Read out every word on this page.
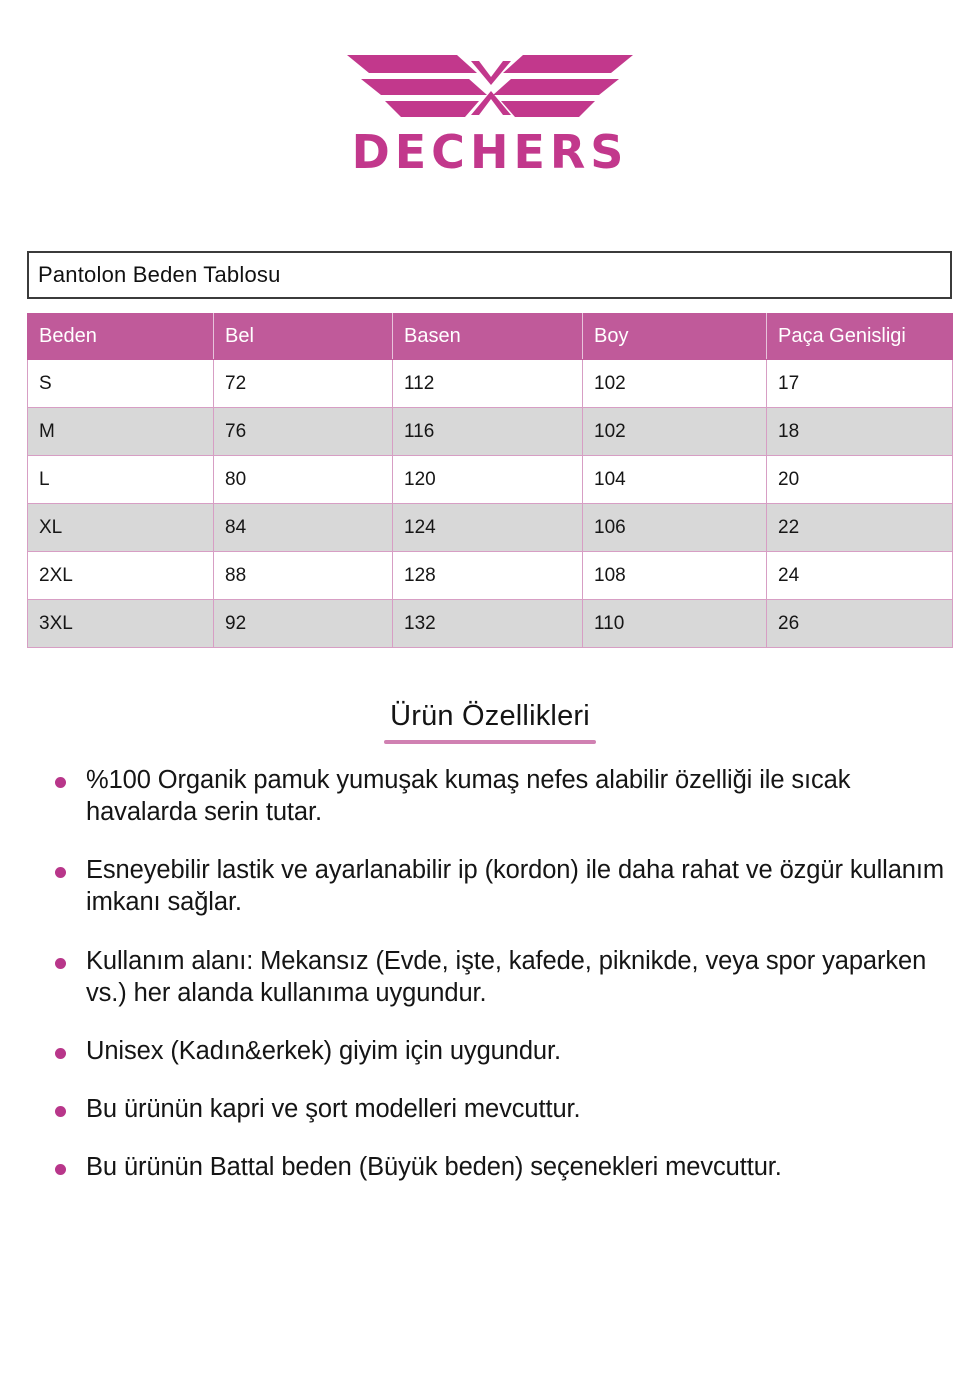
DECHERS
Pantolon Beden Tablosu
Beden	Bel	Basen	Boy	Paça Genisligi
S	72	112	102	17
M	76	116	102	18
L	80	120	104	20
XL	84	124	106	22
2XL	88	128	108	24
3XL	92	132	110	26
Ürün Özellikleri
%100 Organik pamuk yumuşak kumaş nefes alabilir özelliği ile sıcak havalarda serin tutar.
Esneyebilir lastik ve ayarlanabilir ip (kordon) ile daha rahat ve özgür kullanım imkanı sağlar.
Kullanım alanı: Mekansız (Evde, işte, kafede, piknikde, veya spor yaparken vs.) her alanda kullanıma uygundur.
Unisex (Kadın&erkek) giyim için uygundur.
Bu ürünün kapri ve şort modelleri mevcuttur.
Bu ürünün Battal beden (Büyük beden) seçenekleri mevcuttur.
